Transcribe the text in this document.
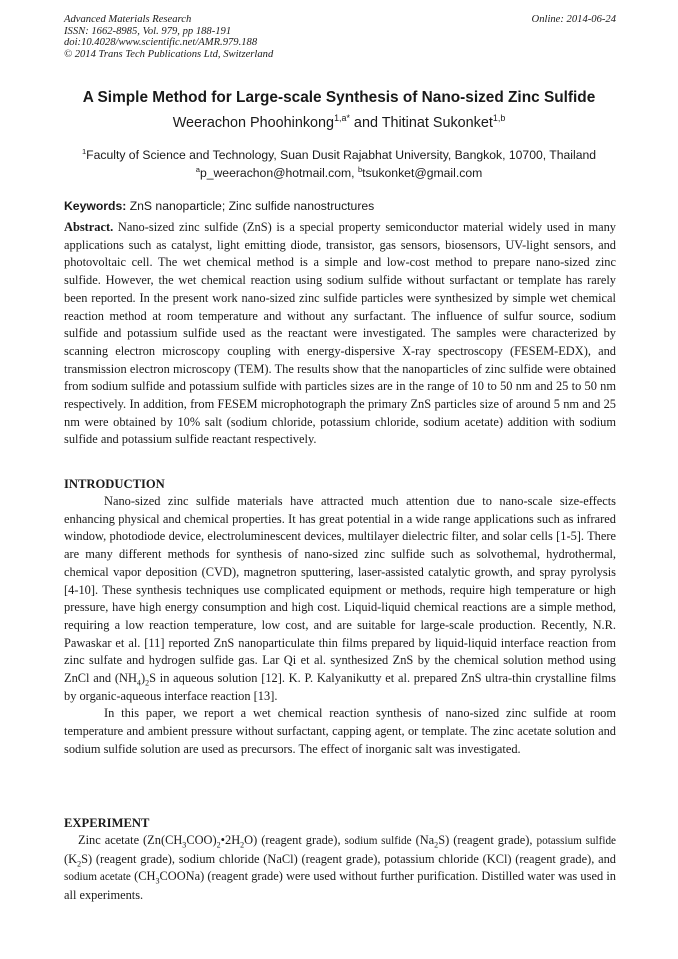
Advanced Materials Research
ISSN: 1662-8985, Vol. 979, pp 188-191
doi:10.4028/www.scientific.net/AMR.979.188
© 2014 Trans Tech Publications Ltd, Switzerland
Online: 2014-06-24
A Simple Method for Large-scale Synthesis of Nano-sized Zinc Sulfide
Weerachon Phoohinkong$^{1,a*}$ and Thitinat Sukonket$^{1,b}$
$^1$Faculty of Science and Technology, Suan Dusit Rajabhat University, Bangkok, 10700, Thailand
$^a$p_weerachon@hotmail.com, $^b$tsukonket@gmail.com
Keywords: ZnS nanoparticle; Zinc sulfide nanostructures

Abstract. Nano-sized zinc sulfide (ZnS) is a special property semiconductor material widely used in many applications such as catalyst, light emitting diode, transistor, gas sensors, biosensors, UV-light sensors, and photovoltaic cell. The wet chemical method is a simple and low-cost method to prepare nano-sized zinc sulfide. However, the wet chemical reaction using sodium sulfide without surfactant or template has rarely been reported. In the present work nano-sized zinc sulfide particles were synthesized by simple wet chemical reaction method at room temperature and without any surfactant. The influence of sulfur source, sodium sulfide and potassium sulfide used as the reactant were investigated. The samples were characterized by scanning electron microscopy coupling with energy-dispersive X-ray spectroscopy (FESEM-EDX), and transmission electron microscopy (TEM). The results show that the nanoparticles of zinc sulfide were obtained from sodium sulfide and potassium sulfide with particles sizes are in the range of 10 to 50 nm and 25 to 50 nm respectively. In addition, from FESEM microphotograph the primary ZnS particles size of around 5 nm and 25 nm were obtained by 10% salt (sodium chloride, potassium chloride, sodium acetate) addition with sodium sulfide and potassium sulfide reactant respectively.

INTRODUCTION

Nano-sized zinc sulfide materials have attracted much attention due to nano-scale size-effects enhancing physical and chemical properties. It has great potential in a wide range applications such as infrared window, photodiode device, electroluminescent devices, multilayer dielectric filter, and solar cells [1-5]. There are many different methods for synthesis of nano-sized zinc sulfide such as solvothemal, hydrothermal, chemical vapor deposition (CVD), magnetron sputtering, laser-assisted catalytic growth, and spray pyrolysis [4-10]. These synthesis techniques use complicated equipment or methods, require high temperature or high pressure, have high energy consumption and high cost. Liquid-liquid chemical reactions are a simple method, requiring a low reaction temperature, low cost, and are suitable for large-scale production. Recently, N.R. Pawaskar et al. [11] reported ZnS nanoparticulate thin films prepared by liquid-liquid interface reaction from zinc sulfate and hydrogen sulfide gas. Lar Qi et al. synthesized ZnS by the chemical solution method using ZnCl and $(NH_4)_2S$ in aqueous solution [12]. K. P. Kalyanikutty et al. prepared ZnS ultra-thin crystalline films by organic-aqueous interface reaction [13].

In this paper, we report a wet chemical reaction synthesis of nano-sized zinc sulfide at room temperature and ambient pressure without surfactant, capping agent, or template. The zinc acetate solution and sodium sulfide solution are used as precursors. The effect of inorganic salt was investigated.

EXPERIMENT

Zinc acetate $(Zn(CH_3COO)_2•2H_2O)$ (reagent grade), sodium sulfide $(Na_2S)$ (reagent grade), potassium sulfide $(K_2S)$ (reagent grade), sodium chloride (NaCl) (reagent grade), potassium chloride (KCl) (reagent grade), and sodium acetate $(CH_3COONa)$ (reagent grade) were used without further purification. Distilled water was used in all experiments.
